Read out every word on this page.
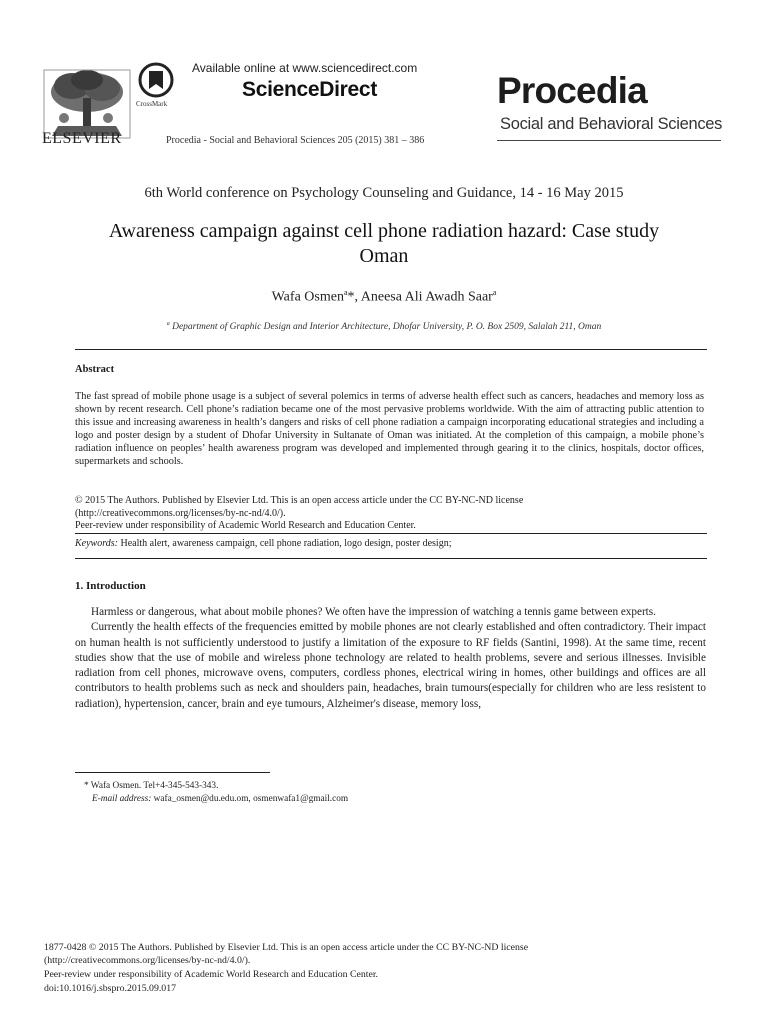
ELSEVIER
CrossMark
Available online at www.sciencedirect.com
ScienceDirect
Procedia - Social and Behavioral Sciences 205 (2015) 381 – 386
Procedia
Social and Behavioral Sciences
6th World conference on Psychology Counseling and Guidance, 14 - 16 May 2015
Awareness campaign against cell phone radiation hazard: Case study Oman
Wafa Osmen$^a$*, Aneesa Ali Awadh Saar$^a$
$^a$ Department of Graphic Design and Interior Architecture, Dhofar University, P. O. Box 2509, Salalah 211, Oman
Abstract
The fast spread of mobile phone usage is a subject of several polemics in terms of adverse health effect such as cancers, headaches and memory loss as shown by recent research. Cell phone’s radiation became one of the most pervasive problems worldwide. With the aim of attracting public attention to this issue and increasing awareness in health’s dangers and risks of cell phone radiation a campaign incorporating educational strategies and including a logo and poster design by a student of Dhofar University in Sultanate of Oman was initiated. At the completion of this campaign, a mobile phone’s radiation influence on peoples’ health awareness program was developed and implemented through gearing it to the clinics, hospitals, doctor offices, supermarkets and schools.
© 2015 The Authors. Published by Elsevier Ltd. This is an open access article under the CC BY-NC-ND license
(http://creativecommons.org/licenses/by-nc-nd/4.0/).
Peer-review under responsibility of Academic World Research and Education Center.
Keywords: Health alert, awareness campaign, cell phone radiation, logo design, poster design;
1. Introduction

Harmless or dangerous, what about mobile phones? We often have the impression of watching a tennis game between experts.

Currently the health effects of the frequencies emitted by mobile phones are not clearly established and often contradictory. Their impact on human health is not sufficiently understood to justify a limitation of the exposure to RF fields (Santini, 1998). At the same time, recent studies show that the use of mobile and wireless phone technology are related to health problems, severe and serious illnesses. Invisible radiation from cell phones, microwave ovens, computers, cordless phones, electrical wiring in homes, other buildings and offices are all contributors to health problems such as neck and shoulders pain, headaches, brain tumours(especially for children who are less resistent to radiation), hypertension, cancer, brain and eye tumours, Alzheimer's disease, memory loss,

* Wafa Osmen. Tel+4-345-543-343.
E-mail address: wafa_osmen@du.edu.om, osmenwafa1@gmail.com
1877-0428 © 2015 The Authors. Published by Elsevier Ltd. This is an open access article under the CC BY-NC-ND license
(http://creativecommons.org/licenses/by-nc-nd/4.0/).
Peer-review under responsibility of Academic World Research and Education Center.
doi:10.1016/j.sbspro.2015.09.017
